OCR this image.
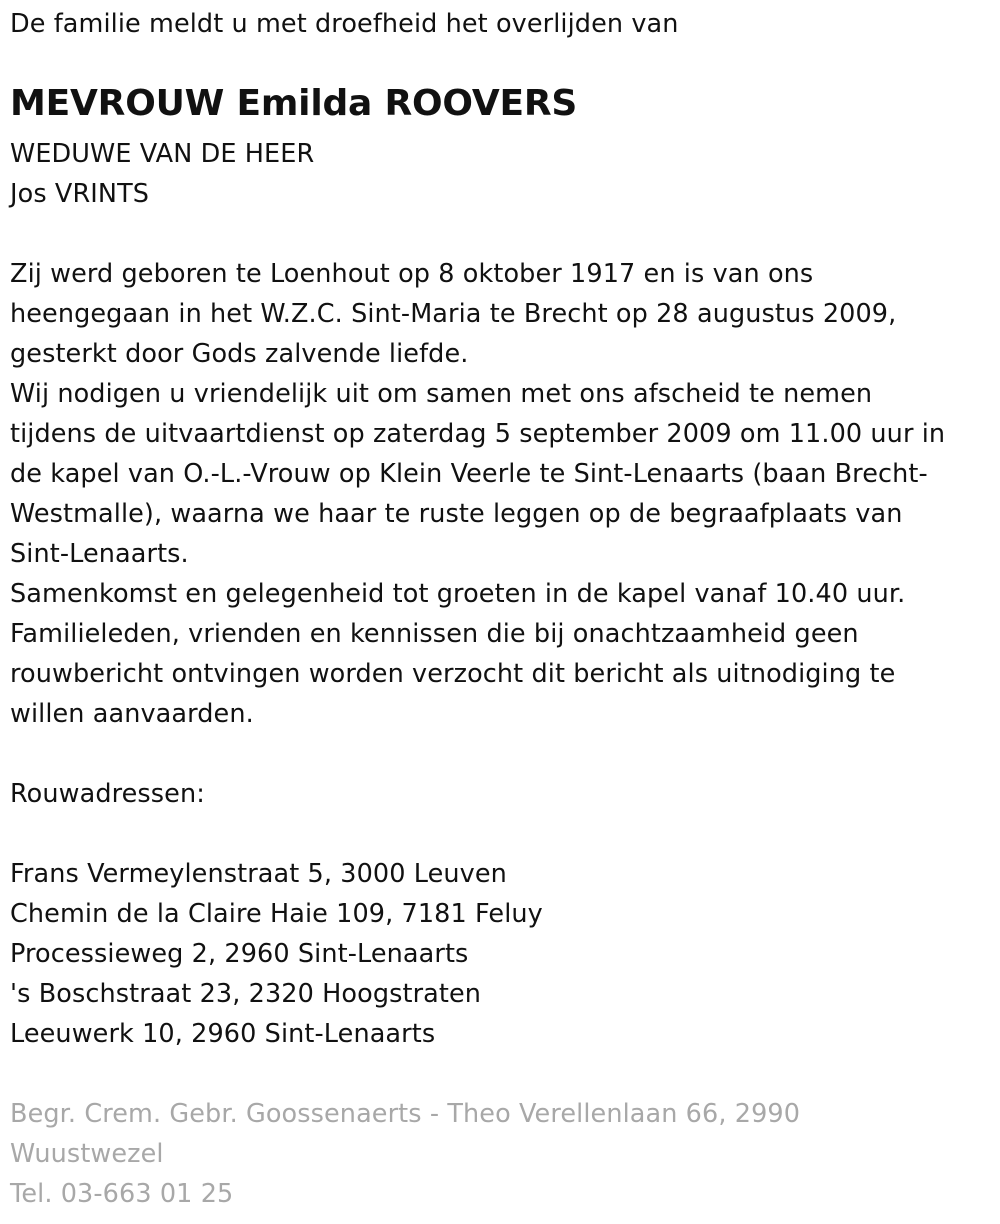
De familie meldt u met droefheid het overlijden van
MEVROUW Emilda ROOVERS
WEDUWE VAN DE HEER
Jos VRINTS
Zij werd geboren te Loenhout op 8 oktober 1917 en is van ons
heengegaan in het W.Z.C. Sint-Maria te Brecht op 28 augustus 2009,
gesterkt door Gods zalvende liefde.
Wij nodigen u vriendelijk uit om samen met ons afscheid te nemen
tijdens de uitvaartdienst op zaterdag 5 september 2009 om 11.00 uur in
de kapel van O.-L.-Vrouw op Klein Veerle te Sint-Lenaarts (baan Brecht-
Westmalle), waarna we haar te ruste leggen op de begraafplaats van
Sint-Lenaarts.
Samenkomst en gelegenheid tot groeten in de kapel vanaf 10.40 uur.
Familieleden, vrienden en kennissen die bij onachtzaamheid geen
rouwbericht ontvingen worden verzocht dit bericht als uitnodiging te
willen aanvaarden.
Rouwadressen:
Frans Vermeylenstraat 5, 3000 Leuven
Chemin de la Claire Haie 109, 7181 Feluy
Processieweg 2, 2960 Sint-Lenaarts
's Boschstraat 23, 2320 Hoogstraten
Leeuwerk 10, 2960 Sint-Lenaarts
Begr. Crem. Gebr. Goossenaerts - Theo Verellenlaan 66, 2990
Wuustwezel
Tel. 03-663 01 25
